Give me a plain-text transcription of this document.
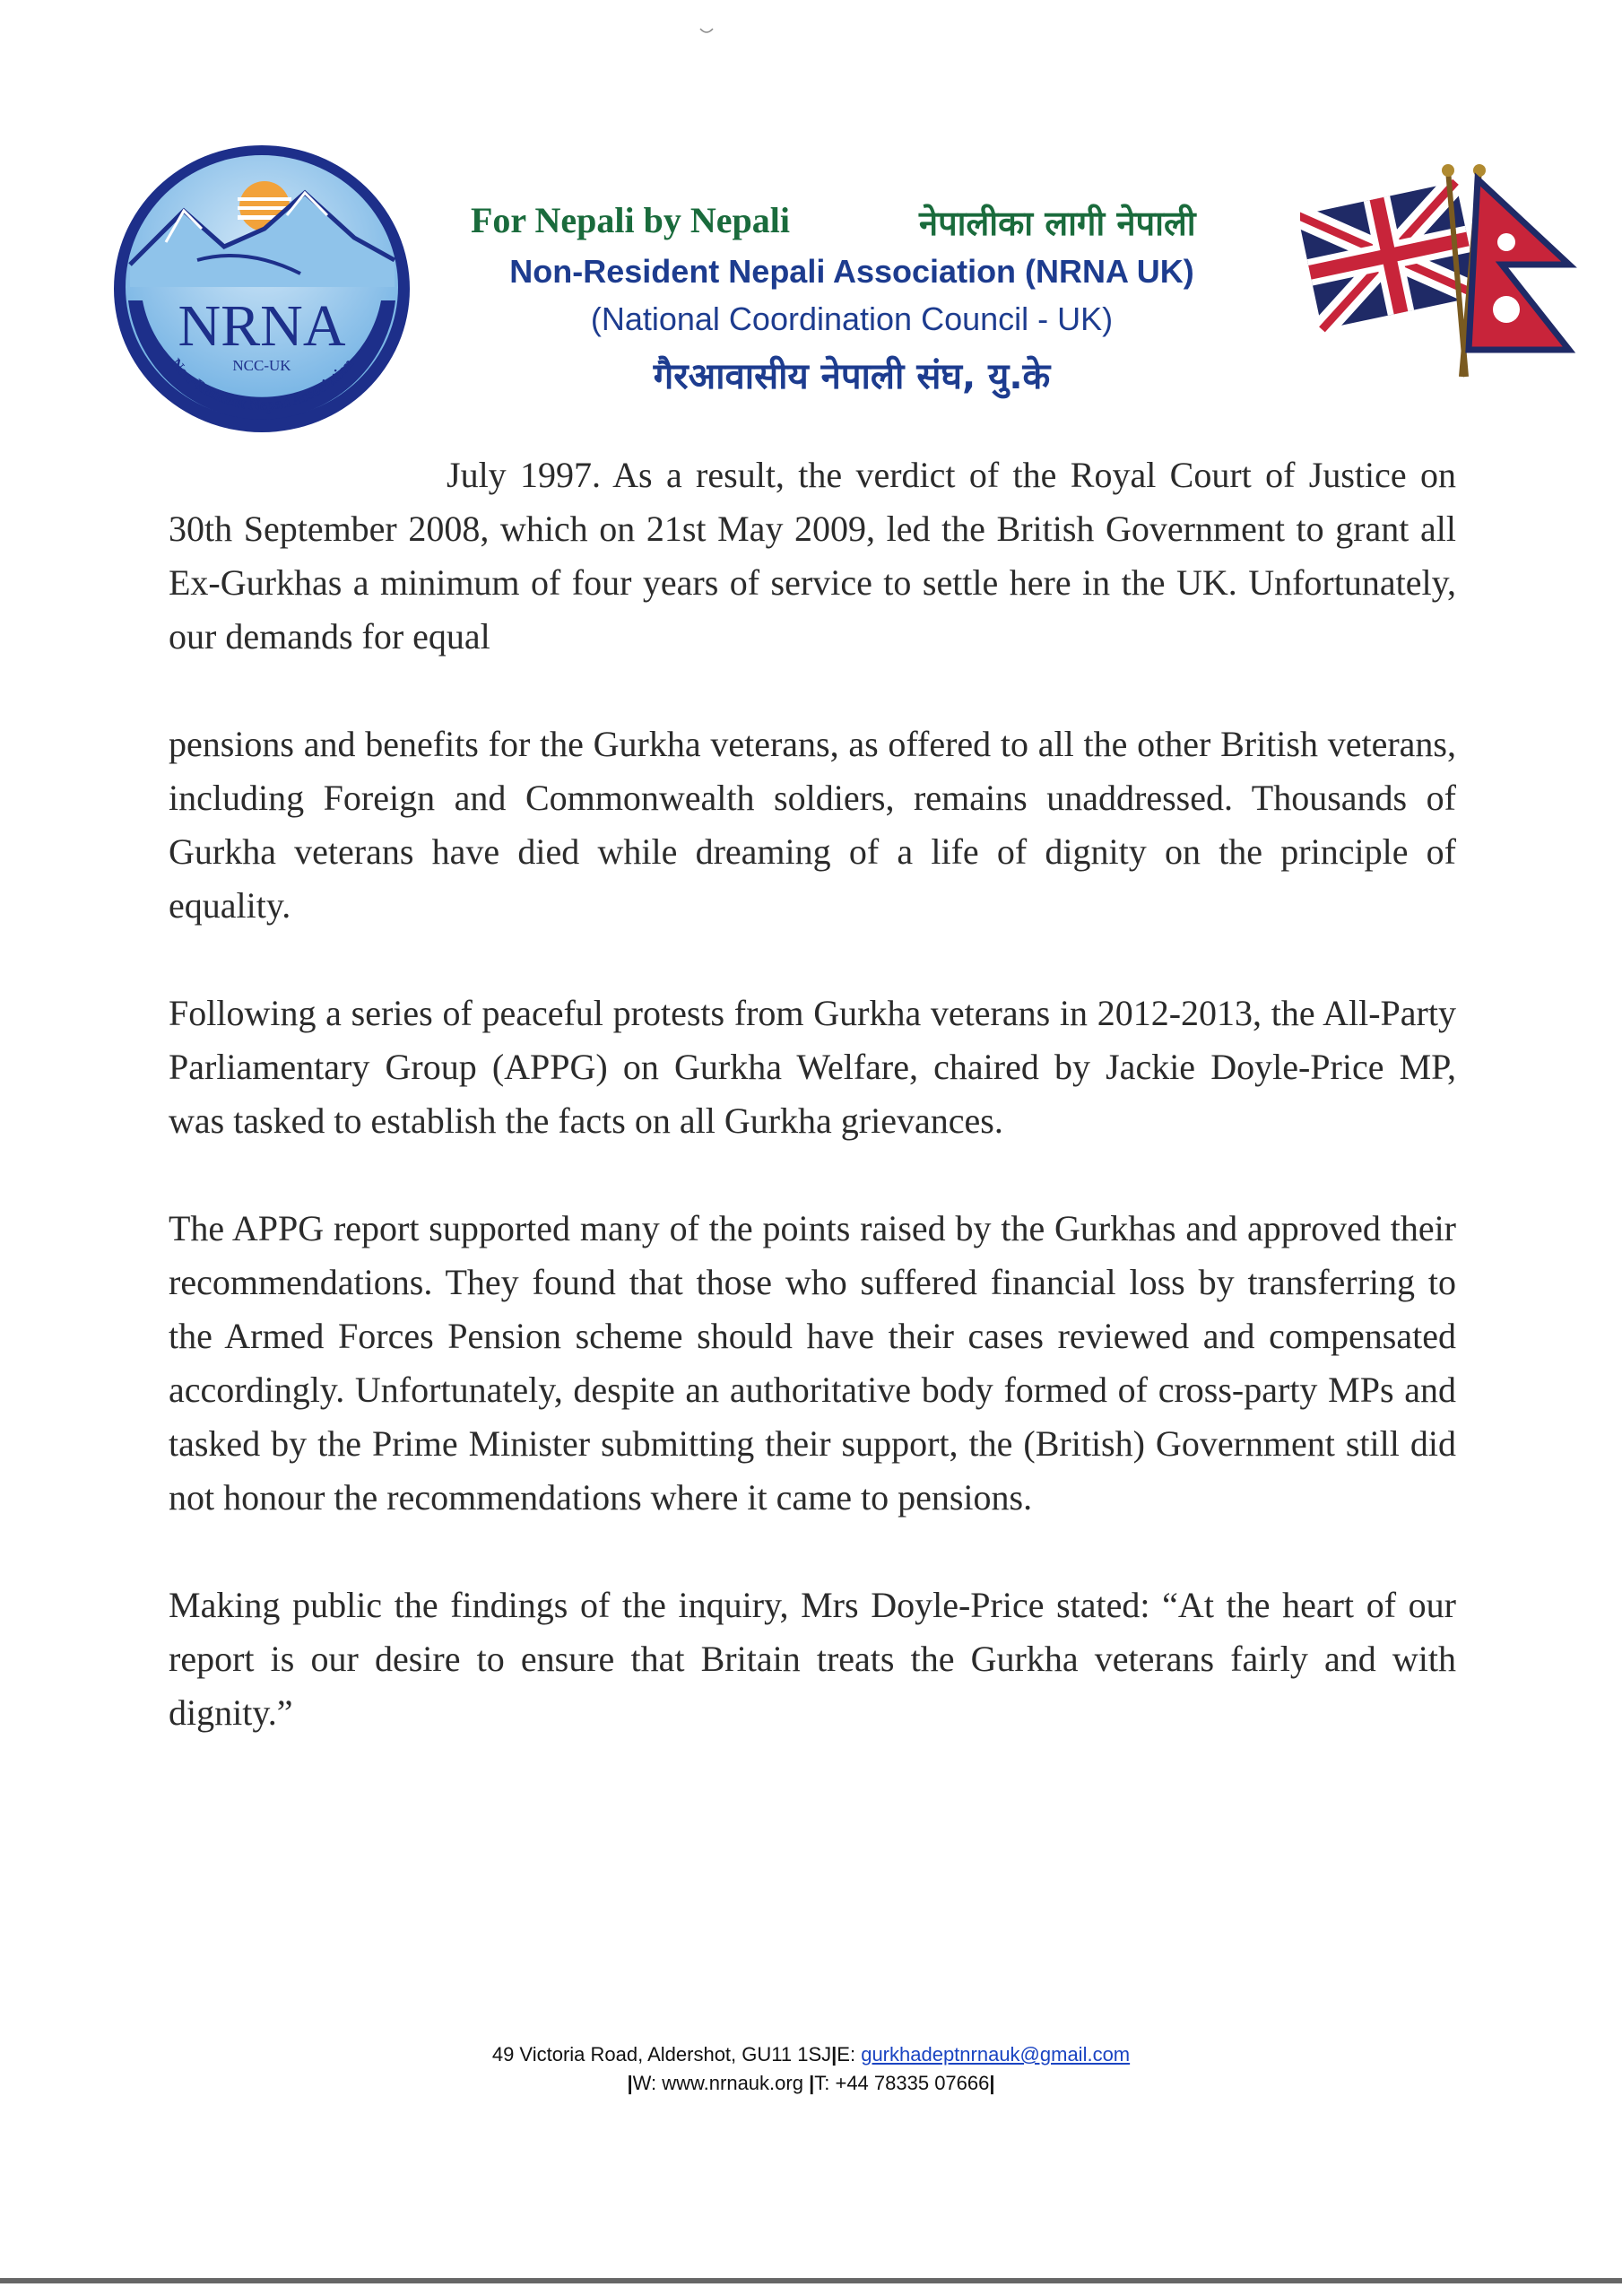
NRNA
NCC-UK
Non-Resident Nepali Association
For Nepali by Nepali	नेपालीका लागी नेपाली
Non-Resident Nepali Association (NRNA UK)
(National Coordination Council - UK)
गैरआवासीय नेपाली संघ, यु.के

July 1997. As a result, the verdict of the Royal Court of Justice on 30th September 2008, which on 21st May 2009, led the British Government to grant all Ex-Gurkhas a minimum of four years of service to settle here in the UK. Unfortunately, our demands for equal

pensions and benefits for the Gurkha veterans, as offered to all the other British veterans, including Foreign and Commonwealth soldiers, remains unaddressed. Thousands of Gurkha veterans have died while dreaming of a life of dignity on the principle of equality.

Following a series of peaceful protests from Gurkha veterans in 2012-2013, the All-Party Parliamentary Group (APPG) on Gurkha Welfare, chaired by Jackie Doyle-Price MP, was tasked to establish the facts on all Gurkha grievances.

The APPG report supported many of the points raised by the Gurkhas and approved their recommendations. They found that those who suffered financial loss by transferring to the Armed Forces Pension scheme should have their cases reviewed and compensated accordingly. Unfortunately, despite an authoritative body formed of cross-party MPs and tasked by the Prime Minister submitting their support, the (British) Government still did not honour the recommendations where it came to pensions.

Making public the findings of the inquiry, Mrs Doyle-Price stated: “At the heart of our report is our desire to ensure that Britain treats the Gurkha veterans fairly and with dignity.”

49 Victoria Road, Aldershot, GU11 1SJ|E: gurkhadeptnrnauk@gmail.com
|W: www.nrnauk.org |T: +44 78335 07666|
